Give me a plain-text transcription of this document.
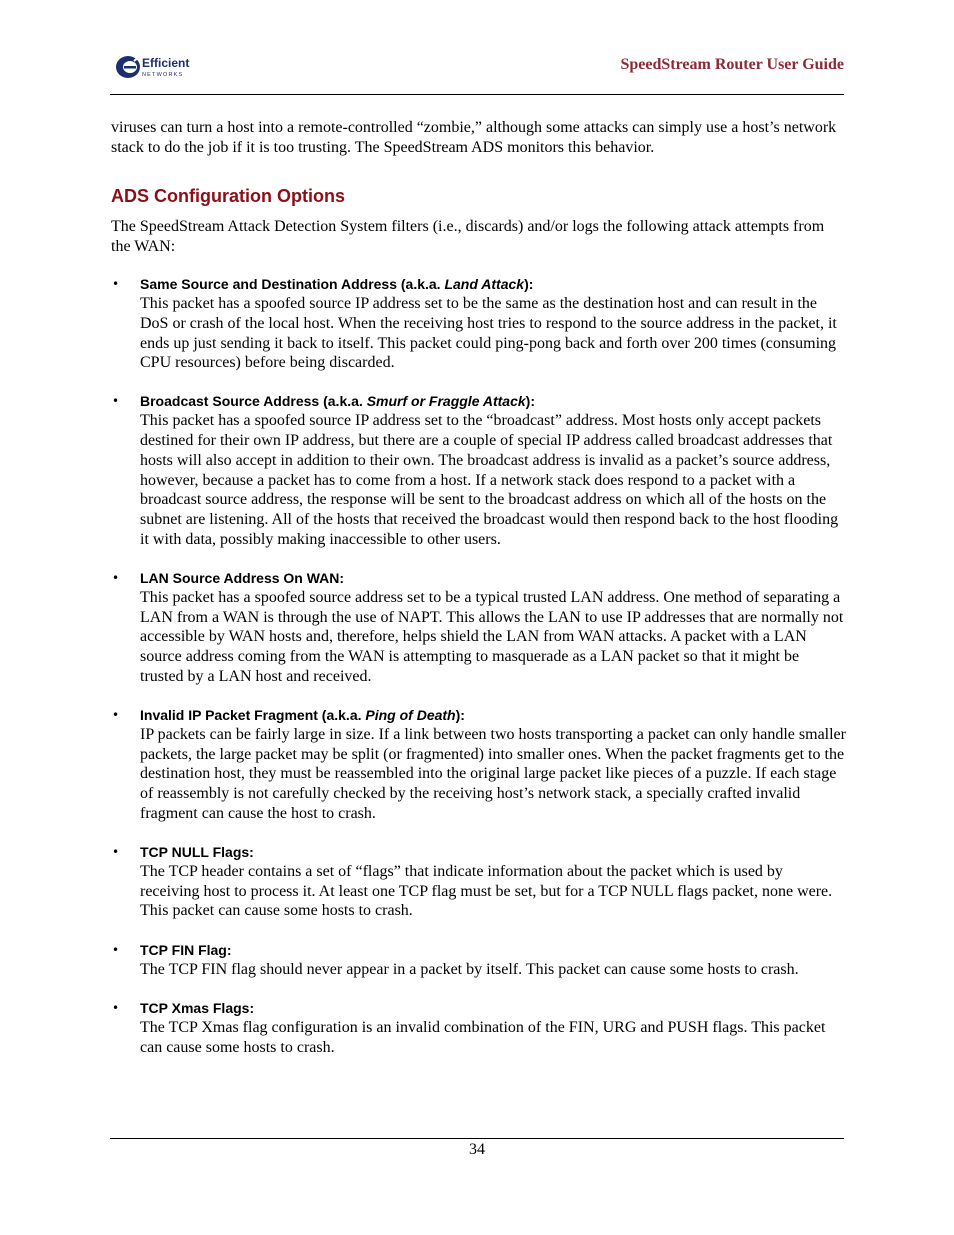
Efficient
NETWORKS
SpeedStream Router User Guide

viruses can turn a host into a remote-controlled “zombie,” although some attacks can simply use a host’s network stack to do the job if it is too trusting. The SpeedStream ADS monitors this behavior.

ADS Configuration Options

The SpeedStream Attack Detection System filters (i.e., discards) and/or logs the following attack attempts from the WAN:

• Same Source and Destination Address (a.k.a. Land Attack):

This packet has a spoofed source IP address set to be the same as the destination host and can result in the DoS or crash of the local host. When the receiving host tries to respond to the source address in the packet, it ends up just sending it back to itself. This packet could ping-pong back and forth over 200 times (consuming CPU resources) before being discarded.

• Broadcast Source Address (a.k.a. Smurf or Fraggle Attack):

This packet has a spoofed source IP address set to the “broadcast” address. Most hosts only accept packets destined for their own IP address, but there are a couple of special IP address called broadcast addresses that hosts will also accept in addition to their own. The broadcast address is invalid as a packet’s source address, however, because a packet has to come from a host. If a network stack does respond to a packet with a broadcast source address, the response will be sent to the broadcast address on which all of the hosts on the subnet are listening. All of the hosts that received the broadcast would then respond back to the host flooding it with data, possibly making inaccessible to other users.

• LAN Source Address On WAN:

This packet has a spoofed source address set to be a typical trusted LAN address. One method of separating a LAN from a WAN is through the use of NAPT. This allows the LAN to use IP addresses that are normally not accessible by WAN hosts and, therefore, helps shield the LAN from WAN attacks. A packet with a LAN source address coming from the WAN is attempting to masquerade as a LAN packet so that it might be trusted by a LAN host and received.

• Invalid IP Packet Fragment (a.k.a. Ping of Death):

IP packets can be fairly large in size. If a link between two hosts transporting a packet can only handle smaller packets, the large packet may be split (or fragmented) into smaller ones. When the packet fragments get to the destination host, they must be reassembled into the original large packet like pieces of a puzzle. If each stage of reassembly is not carefully checked by the receiving host’s network stack, a specially crafted invalid fragment can cause the host to crash.

• TCP NULL Flags:

The TCP header contains a set of “flags” that indicate information about the packet which is used by receiving host to process it. At least one TCP flag must be set, but for a TCP NULL flags packet, none were. This packet can cause some hosts to crash.

• TCP FIN Flag:

The TCP FIN flag should never appear in a packet by itself. This packet can cause some hosts to crash.

• TCP Xmas Flags:

The TCP Xmas flag configuration is an invalid combination of the FIN, URG and PUSH flags. This packet can cause some hosts to crash.

34
